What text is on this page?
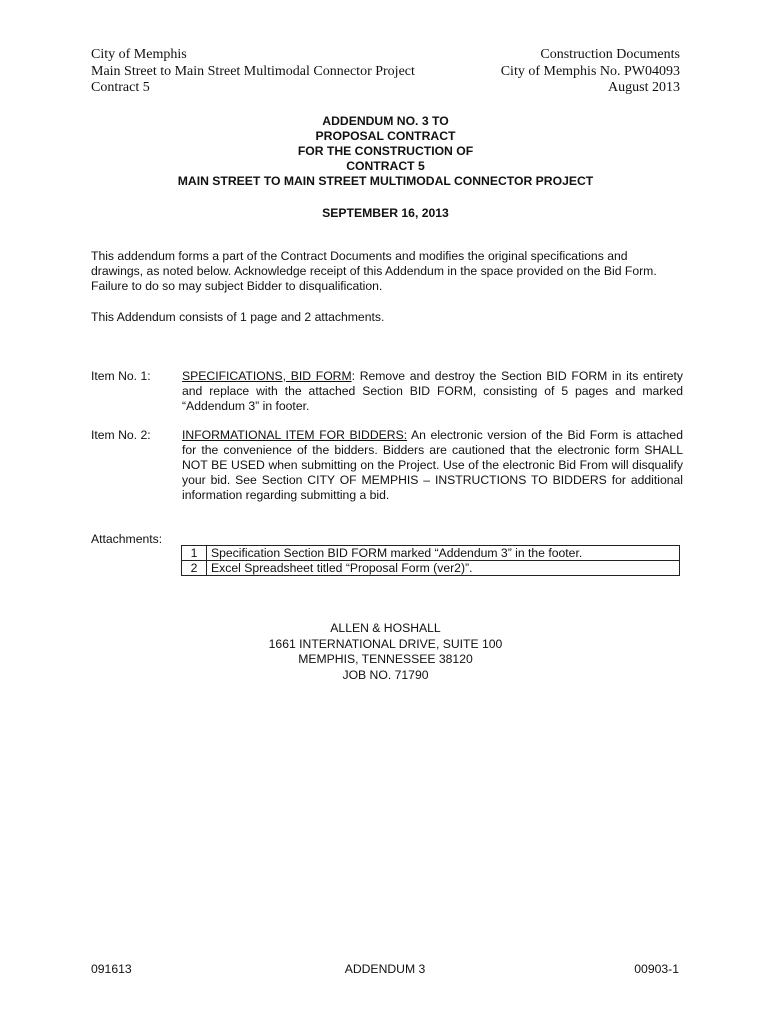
City of Memphis
Main Street to Main Street Multimodal Connector Project
Contract 5
Construction Documents
City of Memphis No. PW04093
August 2013
ADDENDUM NO. 3 TO
PROPOSAL CONTRACT
FOR THE CONSTRUCTION OF
CONTRACT 5
MAIN STREET TO MAIN STREET MULTIMODAL CONNECTOR PROJECT
SEPTEMBER 16, 2013
This addendum forms a part of the Contract Documents and modifies the original specifications and drawings, as noted below. Acknowledge receipt of this Addendum in the space provided on the Bid Form. Failure to do so may subject Bidder to disqualification.
This Addendum consists of 1 page and 2 attachments.
Item No. 1:	SPECIFICATIONS, BID FORM: Remove and destroy the Section BID FORM in its entirety and replace with the attached Section BID FORM, consisting of 5 pages and marked “Addendum 3” in footer.
Item No. 2:	INFORMATIONAL ITEM FOR BIDDERS: An electronic version of the Bid Form is attached for the convenience of the bidders. Bidders are cautioned that the electronic form SHALL NOT BE USED when submitting on the Project. Use of the electronic Bid From will disqualify your bid. See Section CITY OF MEMPHIS – INSTRUCTIONS TO BIDDERS for additional information regarding submitting a bid.
Attachments:
1	Specification Section BID FORM marked “Addendum 3” in the footer.
2	Excel Spreadsheet titled “Proposal Form (ver2)”.
ALLEN & HOSHALL
1661 INTERNATIONAL DRIVE, SUITE 100
MEMPHIS, TENNESSEE 38120
JOB NO. 71790
091613	ADDENDUM 3	00903-1
